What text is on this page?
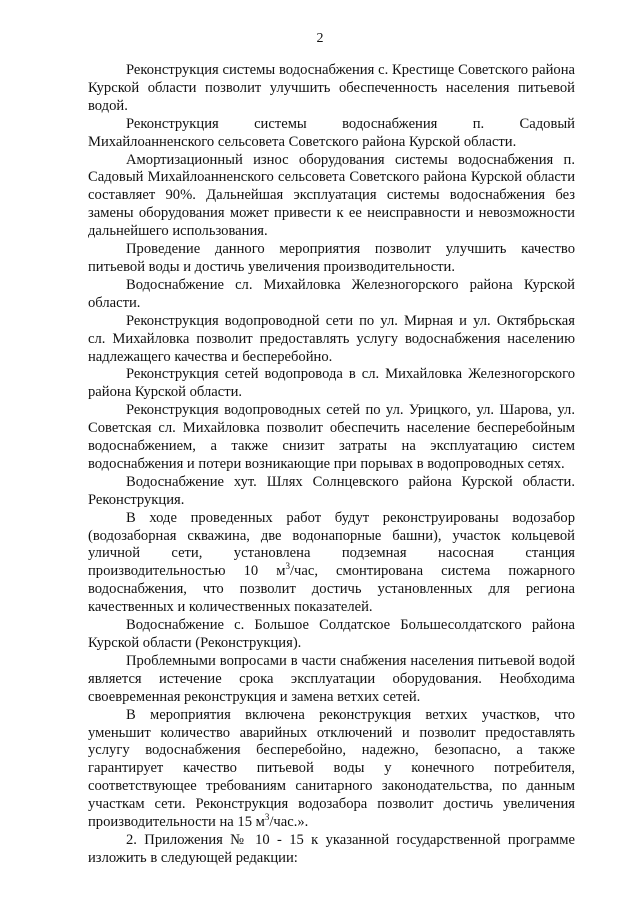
2

Реконструкция системы водоснабжения с. Крестище Советского района Курской области позволит улучшить обеспеченность населения питьевой водой.

Реконструкция системы водоснабжения п. Садовый Михайлоанненского сельсовета Советского района Курской области.

Амортизационный износ оборудования системы водоснабжения п. Садовый Михайлоанненского сельсовета Советского района Курской области составляет 90%. Дальнейшая эксплуатация системы водоснабжения без замены оборудования может привести к ее неисправности и невозможности дальнейшего использования.

Проведение данного мероприятия позволит улучшить качество питьевой воды и достичь увеличения производительности.

Водоснабжение сл. Михайловка Железногорского района Курской области.

Реконструкция водопроводной сети по ул. Мирная и ул. Октябрьская сл. Михайловка позволит предоставлять услугу водоснабжения населению надлежащего качества и бесперебойно.

Реконструкция сетей водопровода в сл. Михайловка Железногорского района Курской области.

Реконструкция водопроводных сетей по ул. Урицкого, ул. Шарова, ул. Советская сл. Михайловка позволит обеспечить население бесперебойным водоснабжением, а также снизит затраты на эксплуатацию систем водоснабжения и потери возникающие при порывах в водопроводных сетях.

Водоснабжение хут. Шлях Солнцевского района Курской области. Реконструкция.

В ходе проведенных работ будут реконструированы водозабор (водозаборная скважина, две водонапорные башни), участок кольцевой уличной сети, установлена подземная насосная станция производительностью 10 $м^3$/час, смонтирована система пожарного водоснабжения, что позволит достичь установленных для региона качественных и количественных показателей.

Водоснабжение с. Большое Солдатское Большесолдатского района Курской области (Реконструкция).

Проблемными вопросами в части снабжения населения питьевой водой является истечение срока эксплуатации оборудования. Необходима своевременная реконструкция и замена ветхих сетей.

В мероприятия включена реконструкция ветхих участков, что уменьшит количество аварийных отключений и позволит предоставлять услугу водоснабжения бесперебойно, надежно, безопасно, а также гарантирует качество питьевой воды у конечного потребителя, соответствующее требованиям санитарного законодательства, по данным участкам сети. Реконструкция водозабора позволит достичь увеличения производительности на 15 $м^3$/час.».

2. Приложения № 10 - 15 к указанной государственной программе изложить в следующей редакции:
